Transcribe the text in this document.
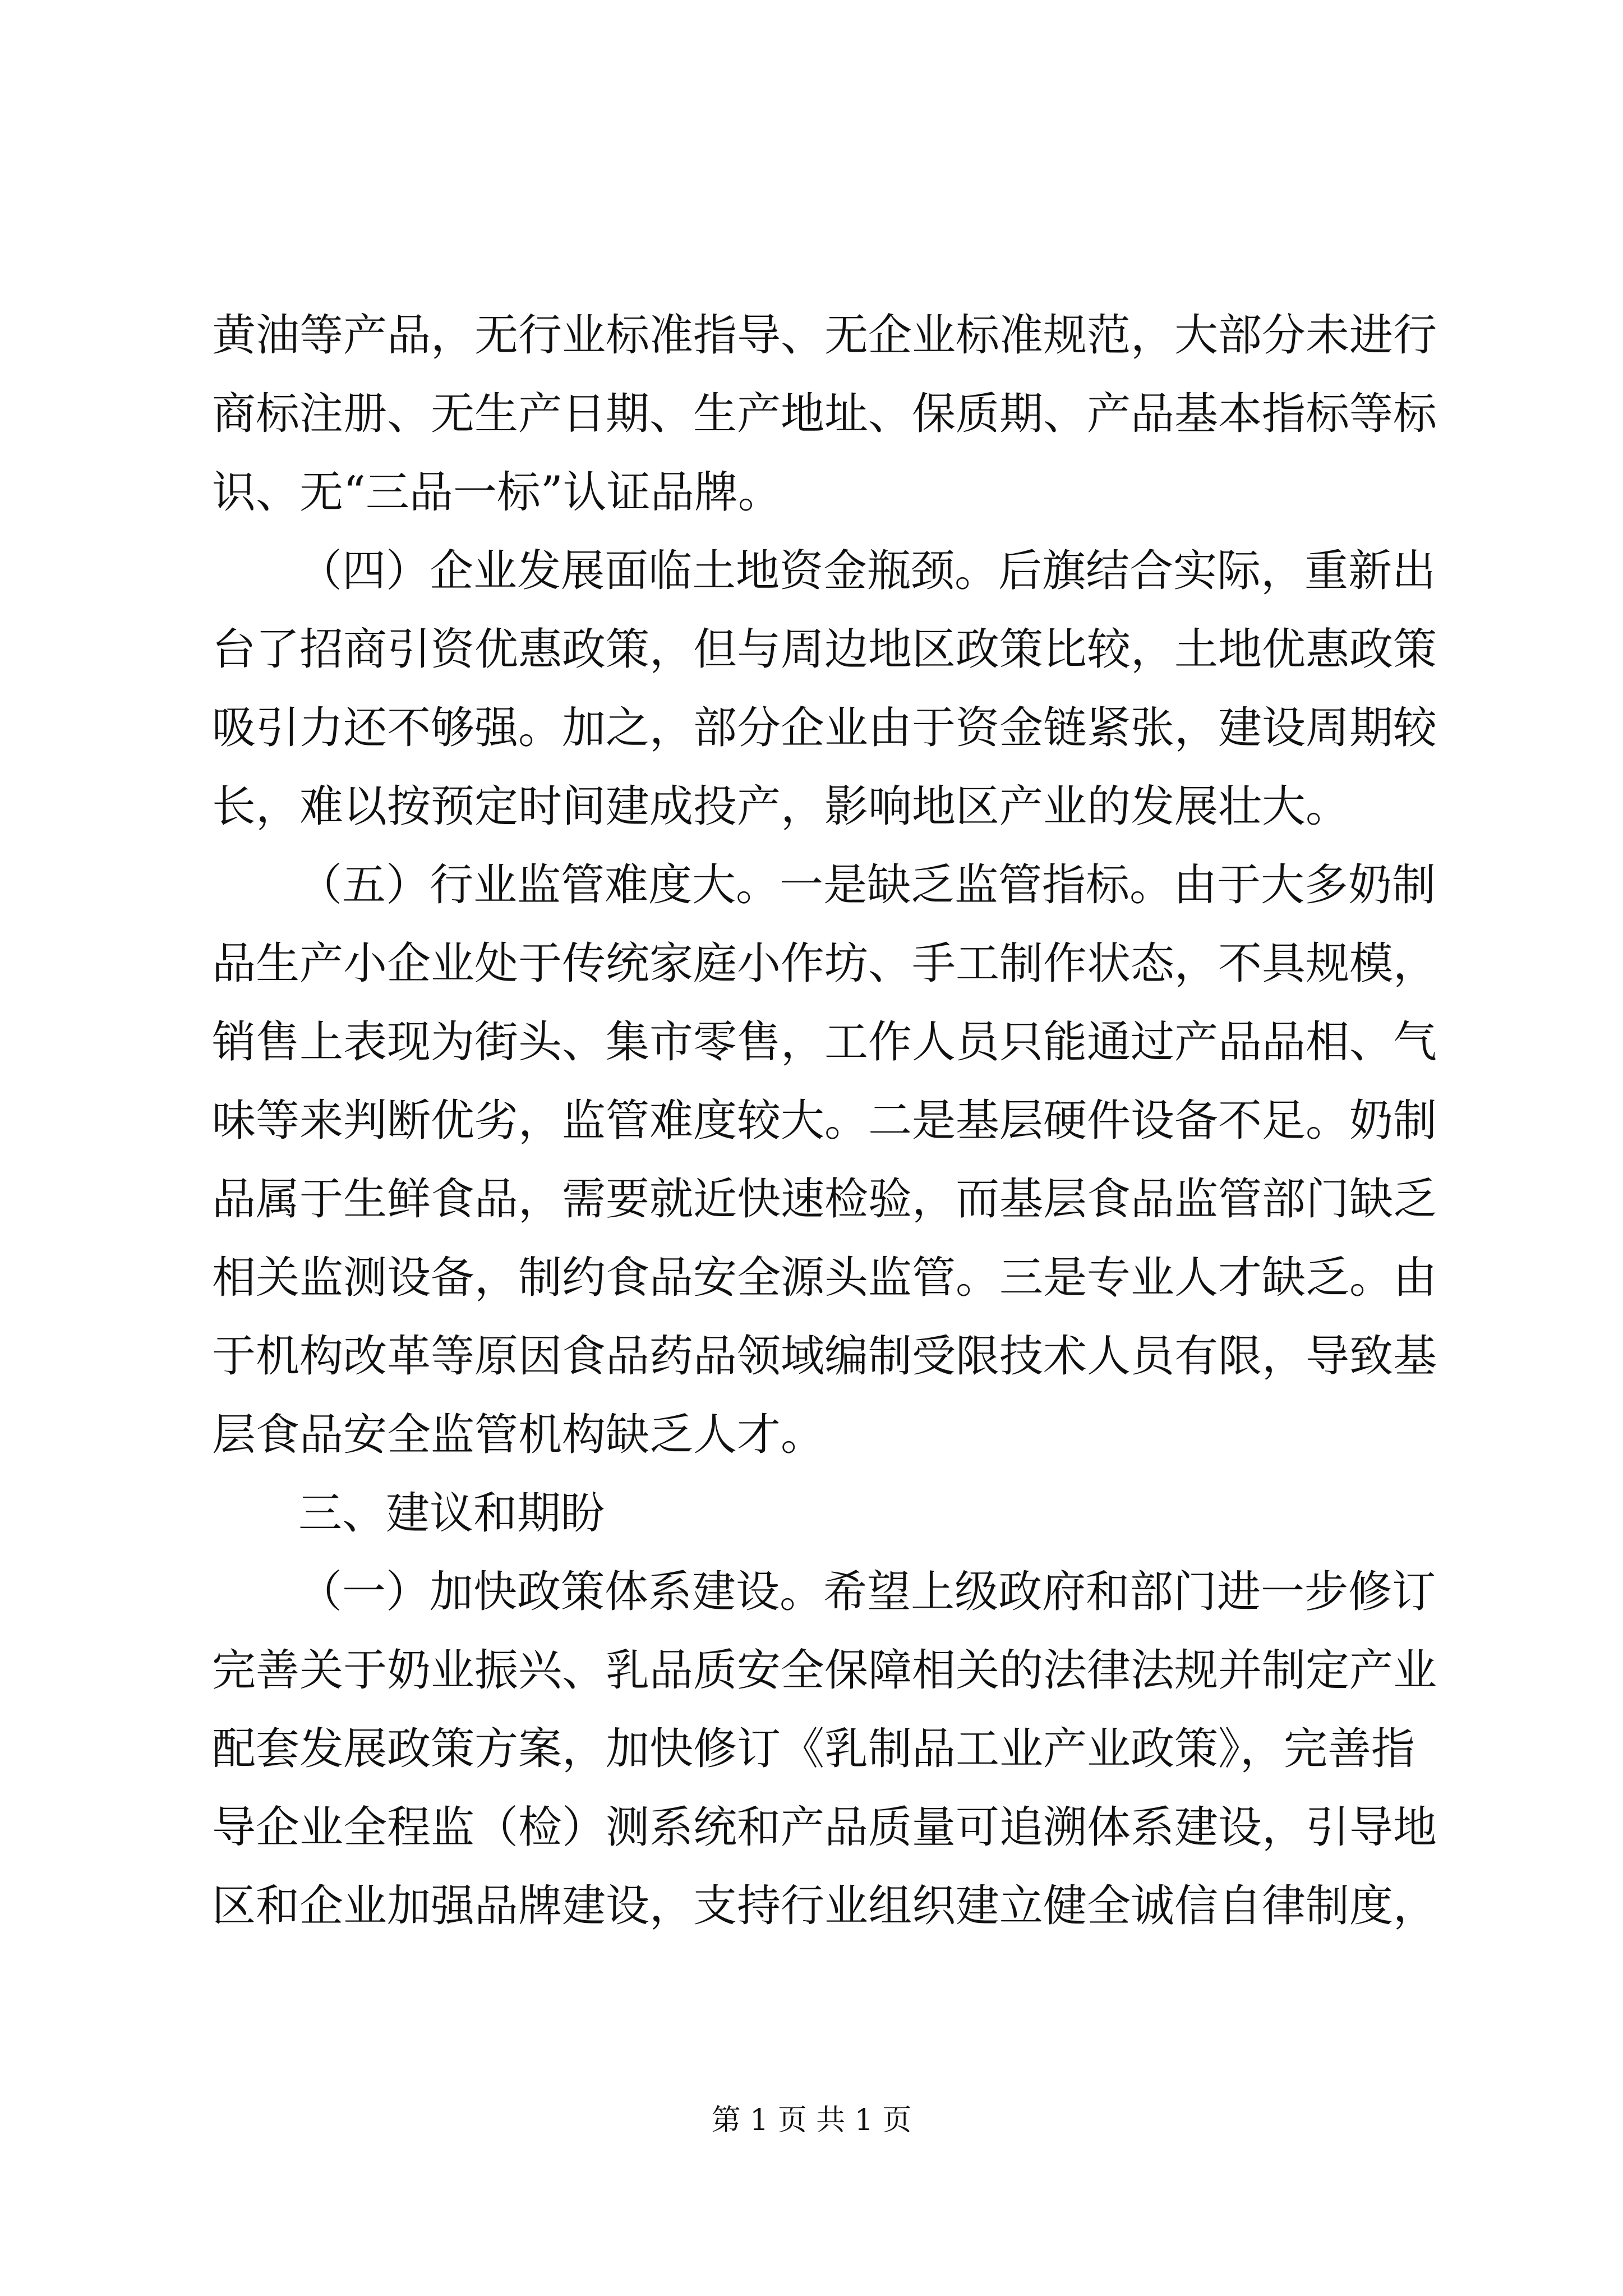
黄油等产品，无行业标准指导、无企业标准规范，大部分未进行
商标注册、无生产日期、生产地址、保质期、产品基本指标等标
识、无“三品一标”认证品牌。
（四）企业发展面临土地资金瓶颈。后旗结合实际，重新出
台了招商引资优惠政策，但与周边地区政策比较，土地优惠政策
吸引力还不够强。加之，部分企业由于资金链紧张，建设周期较
长，难以按预定时间建成投产，影响地区产业的发展壮大。
（五）行业监管难度大。一是缺乏监管指标。由于大多奶制
品生产小企业处于传统家庭小作坊、手工制作状态，不具规模，
销售上表现为街头、集市零售，工作人员只能通过产品品相、气
味等来判断优劣，监管难度较大。二是基层硬件设备不足。奶制
品属于生鲜食品，需要就近快速检验，而基层食品监管部门缺乏
相关监测设备，制约食品安全源头监管。三是专业人才缺乏。由
于机构改革等原因食品药品领域编制受限技术人员有限，导致基
层食品安全监管机构缺乏人才。
三、建议和期盼
（一）加快政策体系建设。希望上级政府和部门进一步修订
完善关于奶业振兴、乳品质安全保障相关的法律法规并制定产业
配套发展政策方案，加快修订《乳制品工业产业政策》，完善指
导企业全程监（检）测系统和产品质量可追溯体系建设，引导地
区和企业加强品牌建设，支持行业组织建立健全诚信自律制度，
第 1 页 共 1 页
